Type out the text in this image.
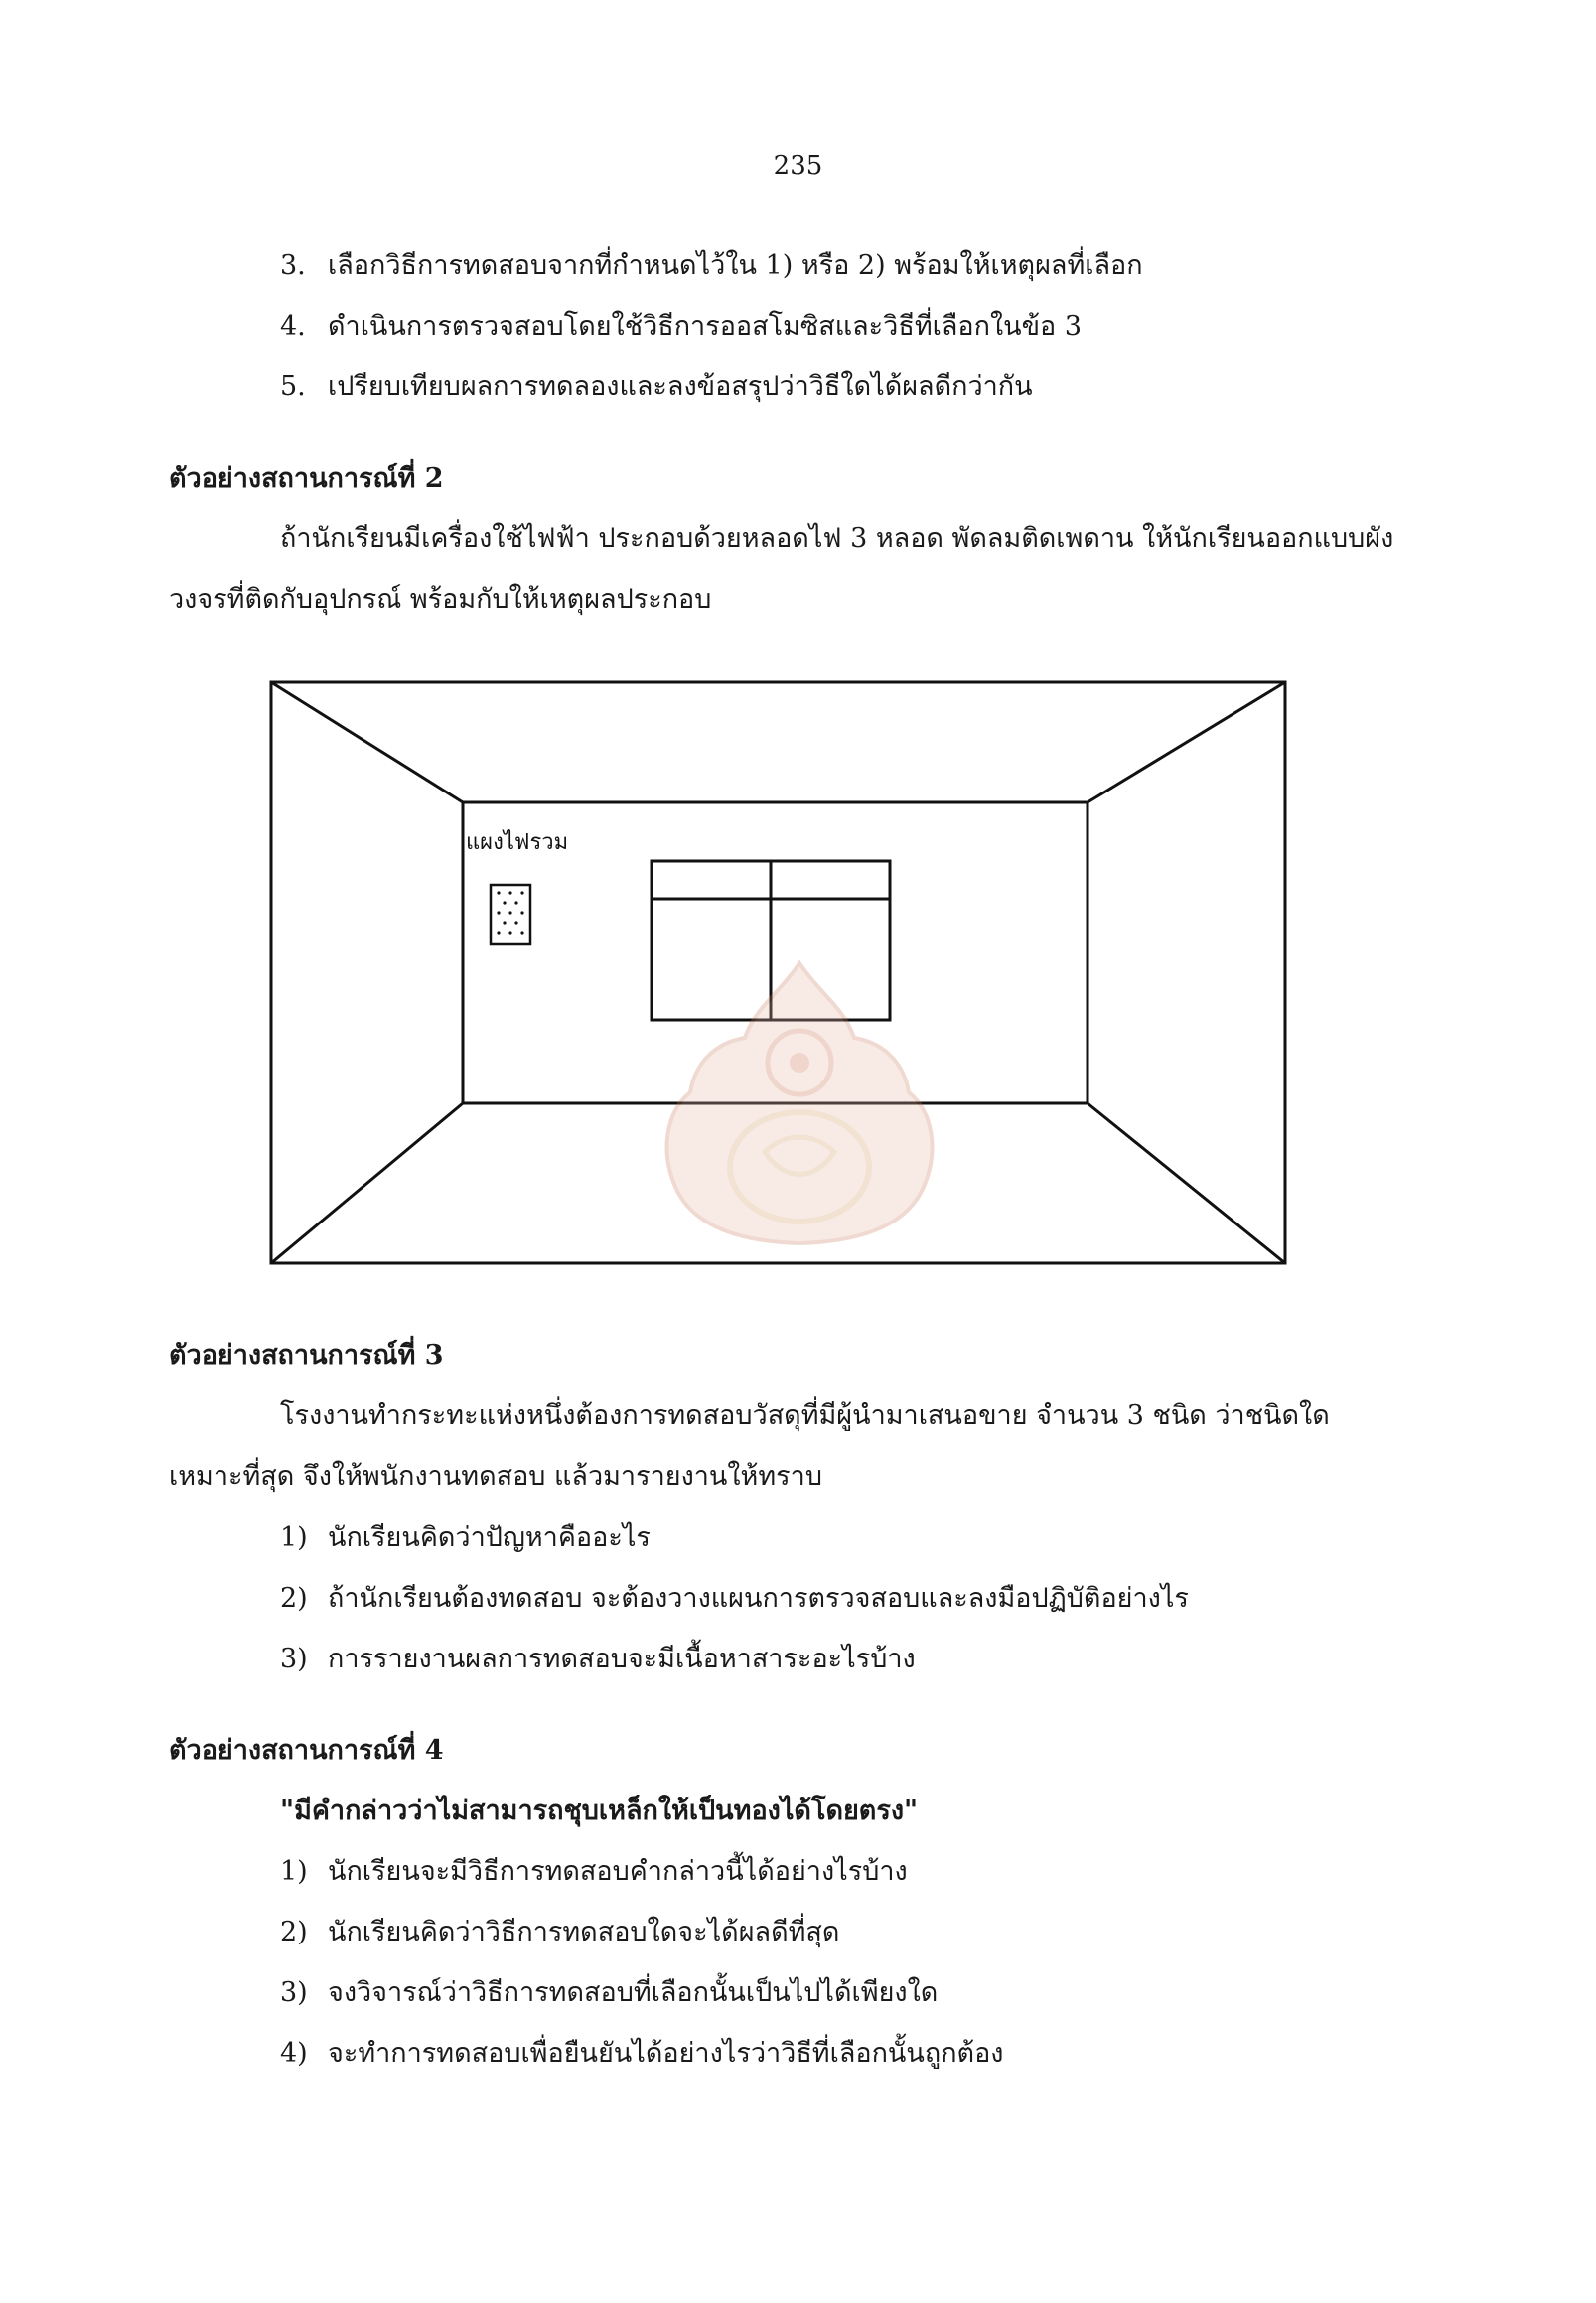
235
3. เลือกวิธีการทดสอบจากที่กำหนดไว้ใน 1) หรือ 2) พร้อมให้เหตุผลที่เลือก
4. ดำเนินการตรวจสอบโดยใช้วิธีการออสโมซิสและวิธีที่เลือกในข้อ 3
5. เปรียบเทียบผลการทดลองและลงข้อสรุปว่าวิธีใดได้ผลดีกว่ากัน
ตัวอย่างสถานการณ์ที่ 2
ถ้านักเรียนมีเครื่องใช้ไฟฟ้า ประกอบด้วยหลอดไฟ 3 หลอด พัดลมติดเพดาน ให้นักเรียนออกแบบผัง
วงจรที่ติดกับอุปกรณ์ พร้อมกับให้เหตุผลประกอบ
แผงไฟรวม
ตัวอย่างสถานการณ์ที่ 3
โรงงานทำกระทะแห่งหนึ่งต้องการทดสอบวัสดุที่มีผู้นำมาเสนอขาย จำนวน 3 ชนิด ว่าชนิดใด
เหมาะที่สุด จึงให้พนักงานทดสอบ แล้วมารายงานให้ทราบ
1) นักเรียนคิดว่าปัญหาคืออะไร
2) ถ้านักเรียนต้องทดสอบ จะต้องวางแผนการตรวจสอบและลงมือปฏิบัติอย่างไร
3) การรายงานผลการทดสอบจะมีเนื้อหาสาระอะไรบ้าง
ตัวอย่างสถานการณ์ที่ 4
"มีคำกล่าวว่าไม่สามารถชุบเหล็กให้เป็นทองได้โดยตรง"
1) นักเรียนจะมีวิธีการทดสอบคำกล่าวนี้ได้อย่างไรบ้าง
2) นักเรียนคิดว่าวิธีการทดสอบใดจะได้ผลดีที่สุด
3) จงวิจารณ์ว่าวิธีการทดสอบที่เลือกนั้นเป็นไปได้เพียงใด
4) จะทำการทดสอบเพื่อยืนยันได้อย่างไรว่าวิธีที่เลือกนั้นถูกต้อง
